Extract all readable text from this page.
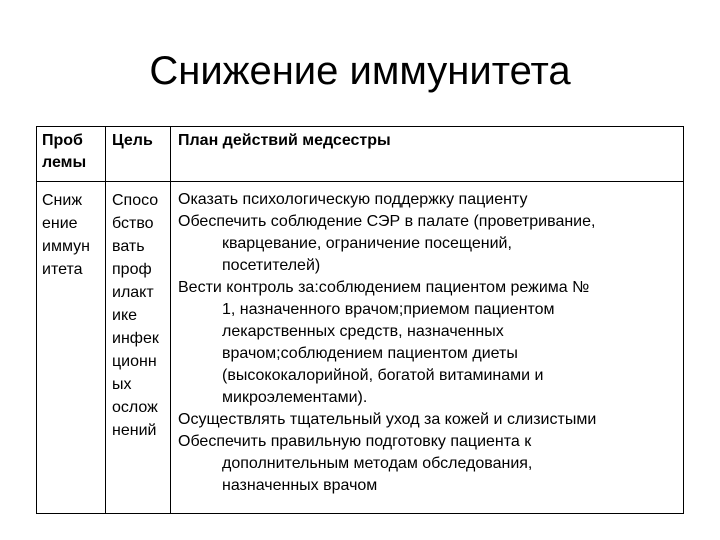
Снижение иммунитета
Проб
лемы
Цель План действий медсестры
Сниж
ение
иммун
итета
Спосо
бство
вать
проф
илакт
ике
инфек
ционн
ых
ослож
нений

Оказать психологическую поддержку пациенту

Обеспечить соблюдение СЭР в палате (проветривание,
кварцевание, ограничение посещений,
посетителей)

Вести контроль за:соблюдением пациентом режима №
1, назначенного врачом;приемом пациентом
лекарственных средств, назначенных
врачом;соблюдением пациентом диеты
(высококалорийной, богатой витаминами и
микроэлементами).

Осуществлять тщательный уход за кожей и слизистыми

Обеспечить правильную подготовку пациента к
дополнительным методам обследования,
назначенных врачом
